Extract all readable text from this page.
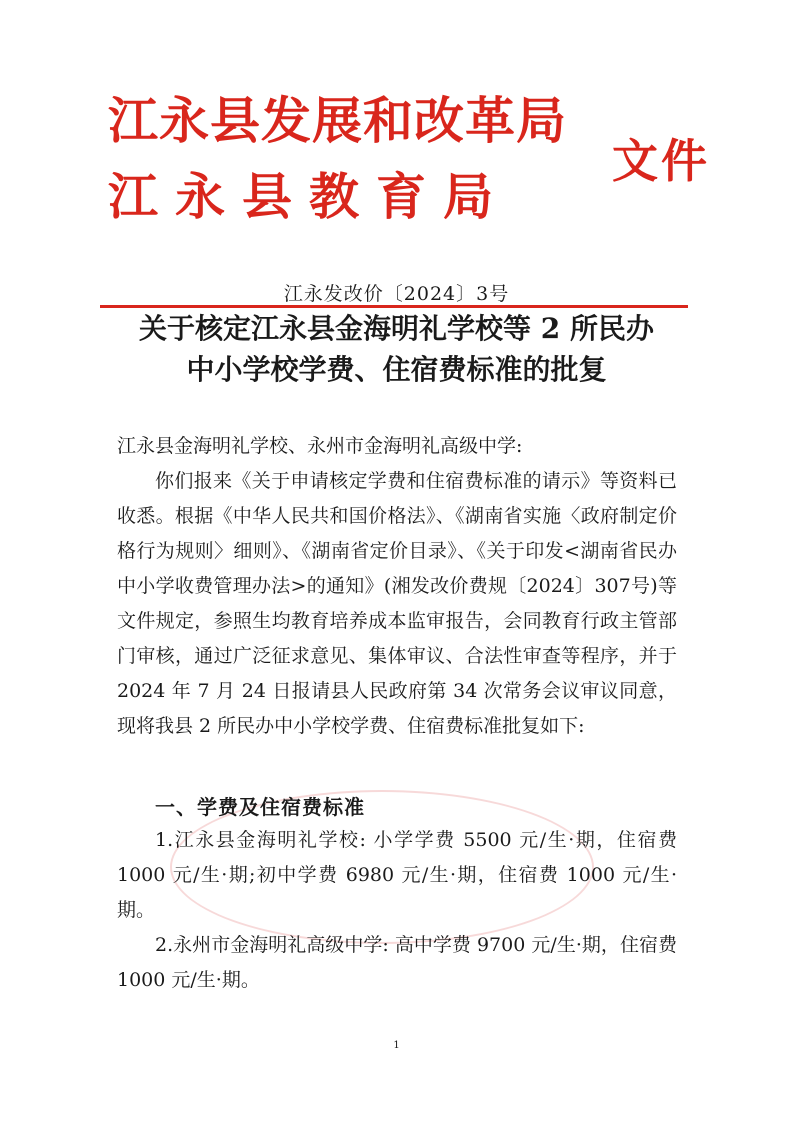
江永县发展和改革局
江永县教育局
文件
江永发改价〔2024〕3号
关于核定江永县金海明礼学校等 2 所民办
中小学校学费、住宿费标准的批复
江永县金海明礼学校、永州市金海明礼高级中学:
你们报来《关于申请核定学费和住宿费标准的请示》等资料已收悉。根据《中华人民共和国价格法》、《湖南省实施〈政府制定价格行为规则〉细则》、《湖南省定价目录》、《关于印发<湖南省民办中小学收费管理办法>的通知》(湘发改价费规〔2024〕307号)等文件规定，参照生均教育培养成本监审报告，会同教育行政主管部门审核，通过广泛征求意见、集体审议、合法性审查等程序，并于 2024 年 7 月 24 日报请县人民政府第 34 次常务会议审议同意，现将我县 2 所民办中小学校学费、住宿费标准批复如下:
一、学费及住宿费标准
1.江永县金海明礼学校: 小学学费 5500 元/生·期，住宿费 1000 元/生·期;初中学费 6980 元/生·期，住宿费 1000 元/生·期。
2.永州市金海明礼高级中学: 高中学费 9700 元/生·期，住宿费 1000 元/生·期。
1
